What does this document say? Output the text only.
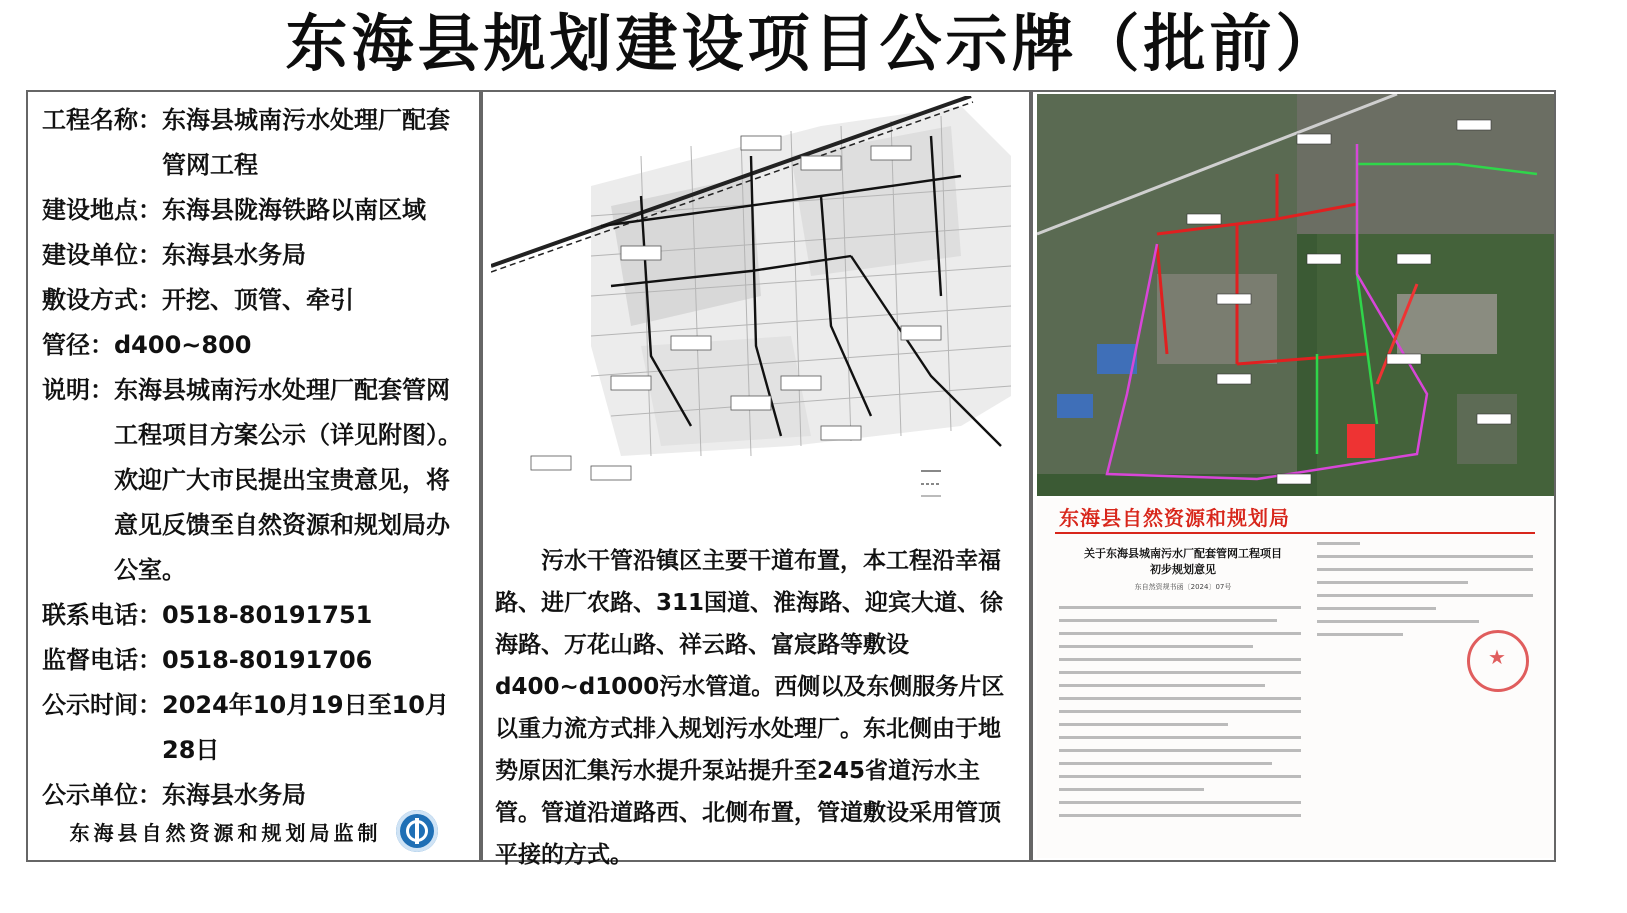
东海县规划建设项目公示牌（批前）
工程名称： 东海县城南污水处理厂配套管网工程
建设地点： 东海县陇海铁路以南区域
建设单位： 东海县水务局
敷设方式： 开挖、顶管、牵引
管径： d400~800
说明： 东海县城南污水处理厂配套管网工程项目方案公示（详见附图）。欢迎广大市民提出宝贵意见，将意见反馈至自然资源和规划局办公室。
联系电话： 0518-80191751
监督电话： 0518-80191706
公示时间： 2024年10月19日至10月28日
公示单位： 东海县水务局
东海县自然资源和规划局监制
污水干管沿镇区主要干道布置，本工程沿幸福路、进厂农路、311国道、淮海路、迎宾大道、徐海路、万花山路、祥云路、富宸路等敷设d400~d1000污水管道。西侧以及东侧服务片区以重力流方式排入规划污水处理厂。东北侧由于地势原因汇集污水提升泵站提升至245省道污水主管。管道沿道路西、北侧布置，管道敷设采用管顶平接的方式。
东海县自然资源和规划局
关于东海县城南污水厂配套管网工程项目
初步规划意见
东自然资规书函〔2024〕07号
★
